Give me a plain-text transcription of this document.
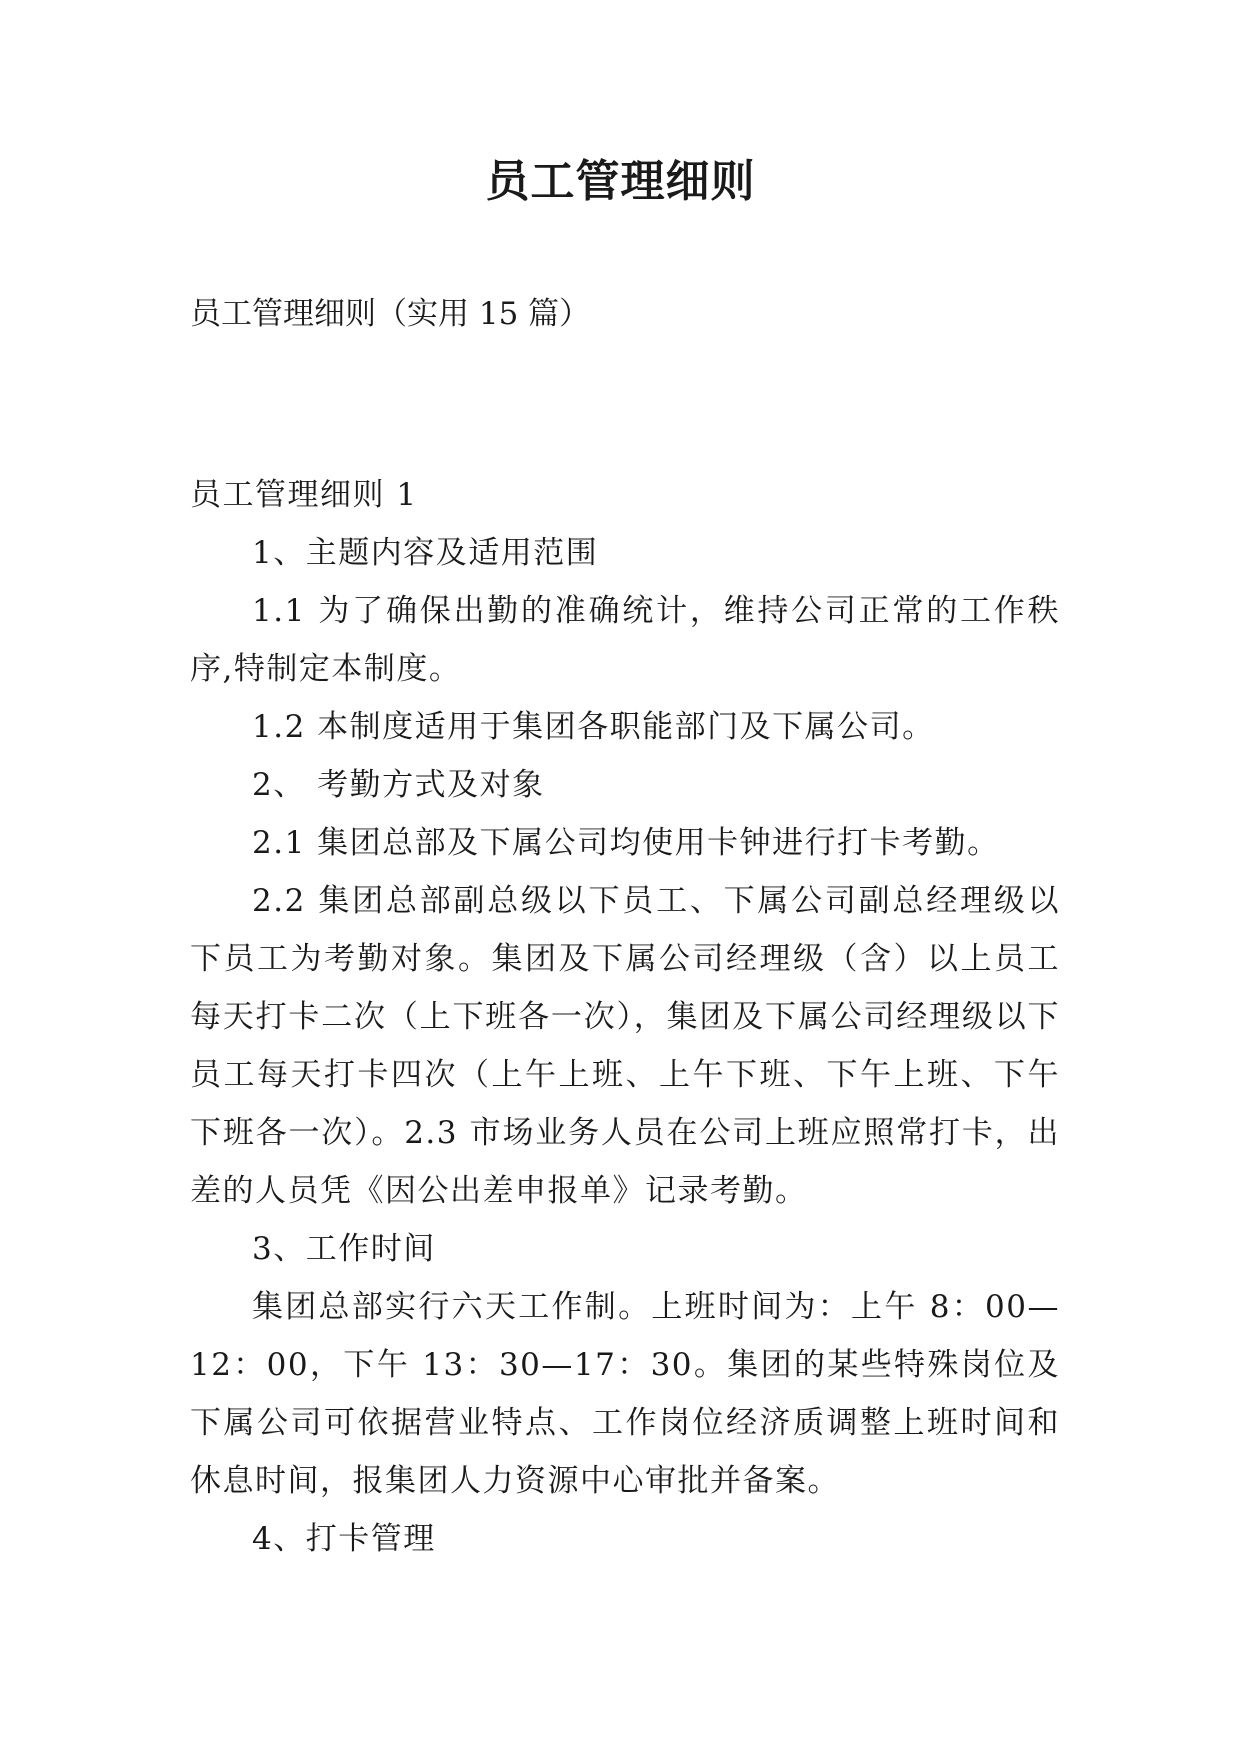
员工管理细则
员工管理细则（实用 15 篇）

员工管理细则 1

1、主题内容及适用范围

1.1 为了确保出勤的准确统计，维持公司正常的工作秩序,特制定本制度。

1.2 本制度适用于集团各职能部门及下属公司。

2、 考勤方式及对象

2.1 集团总部及下属公司均使用卡钟进行打卡考勤。

2.2 集团总部副总级以下员工、下属公司副总经理级以下员工为考勤对象。集团及下属公司经理级（含）以上员工每天打卡二次（上下班各一次），集团及下属公司经理级以下员工每天打卡四次（上午上班、上午下班、下午上班、下午下班各一次）。2.3 市场业务人员在公司上班应照常打卡，出差的人员凭《因公出差申报单》记录考勤。

3、工作时间

集团总部实行六天工作制。上班时间为：上午 8：00—12：00，下午 13：30—17：30。集团的某些特殊岗位及下属公司可依据营业特点、工作岗位经济质调整上班时间和休息时间，报集团人力资源中心审批并备案。

4、打卡管理
